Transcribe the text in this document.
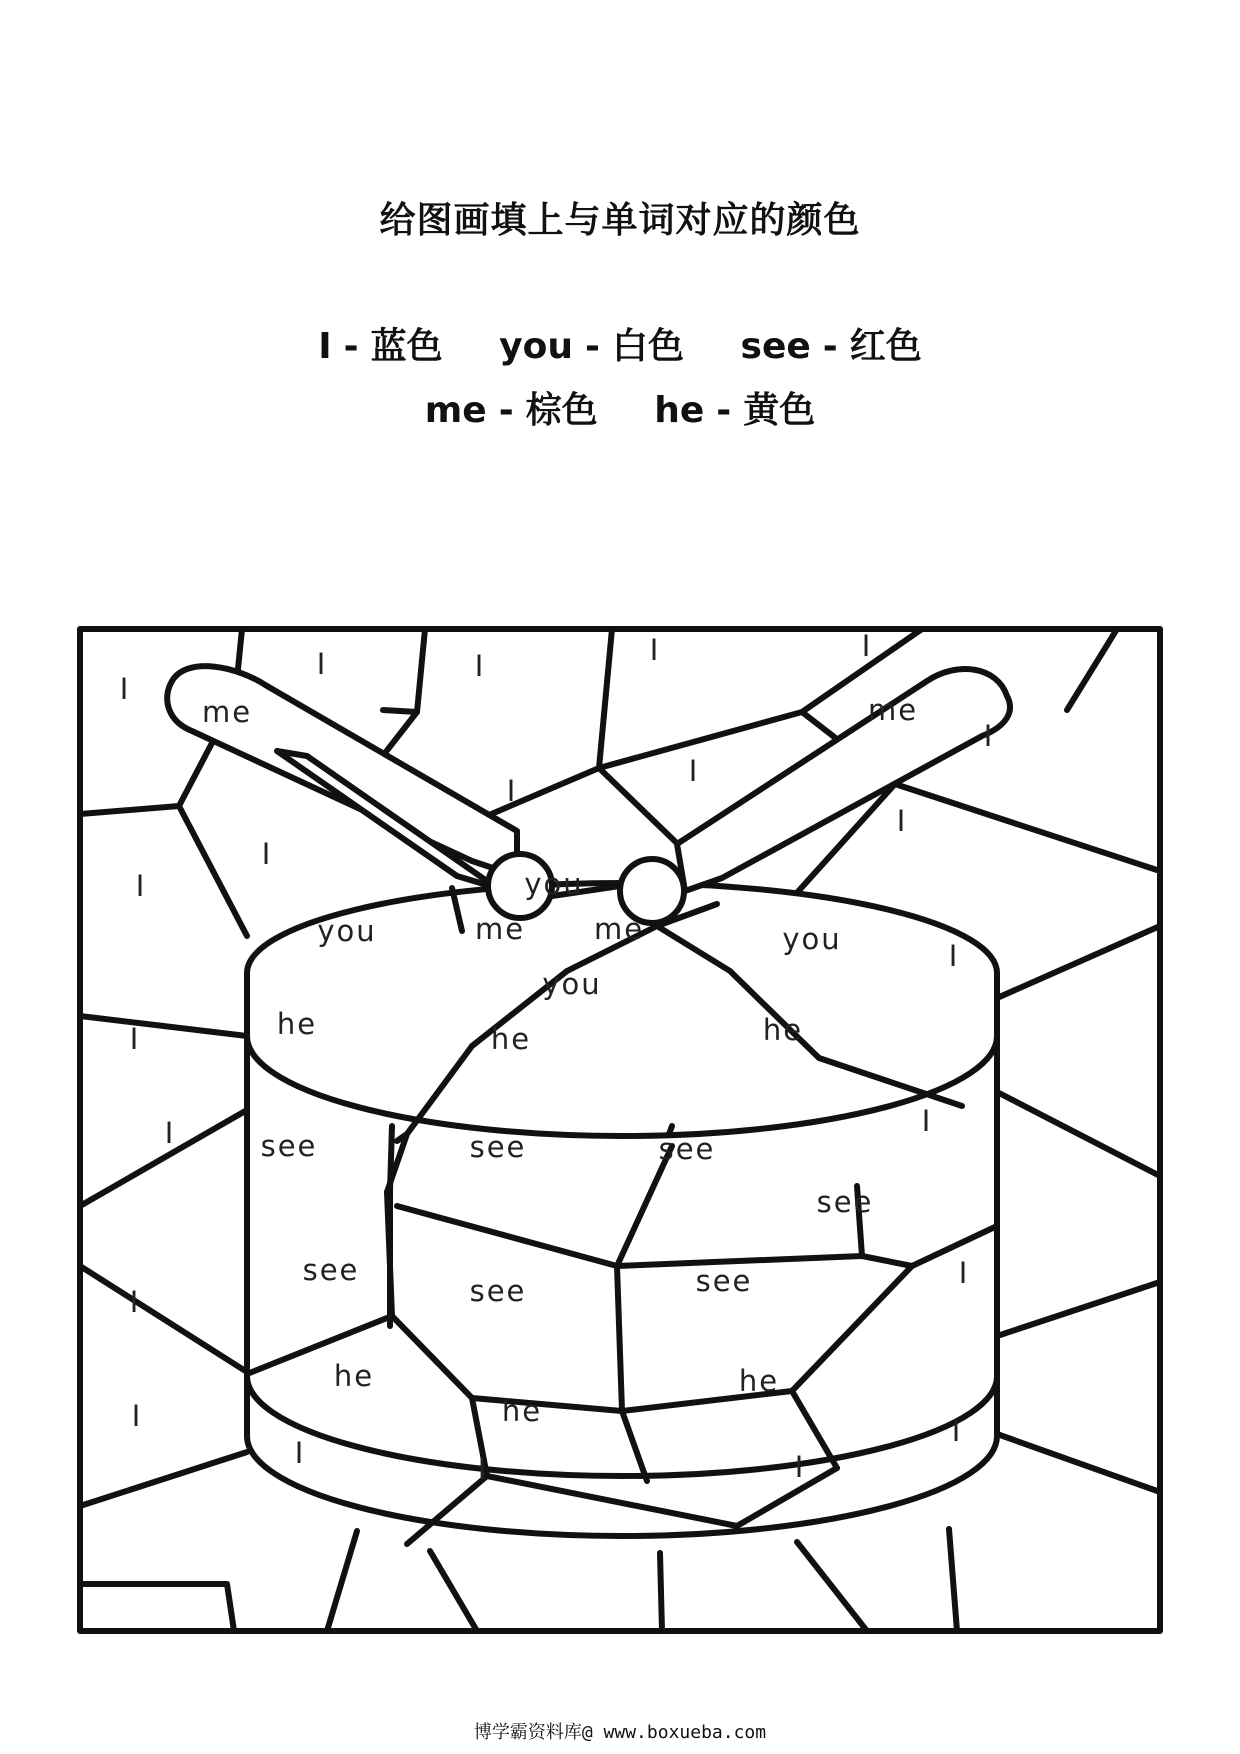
给图画填上与单词对应的颜色
I - 蓝色 you - 白色 see - 红色
me - 棕色 he - 黄色
I
I	I	I	I
I
I
I
I
I
I
I
I
I	I
I
I
I
I	I	I
I
me	me
me me
you
you	you
you
he	he	he
he
he
he
see	see	see
see
see
see	see
博学霸资料库@ www.boxueba.com
